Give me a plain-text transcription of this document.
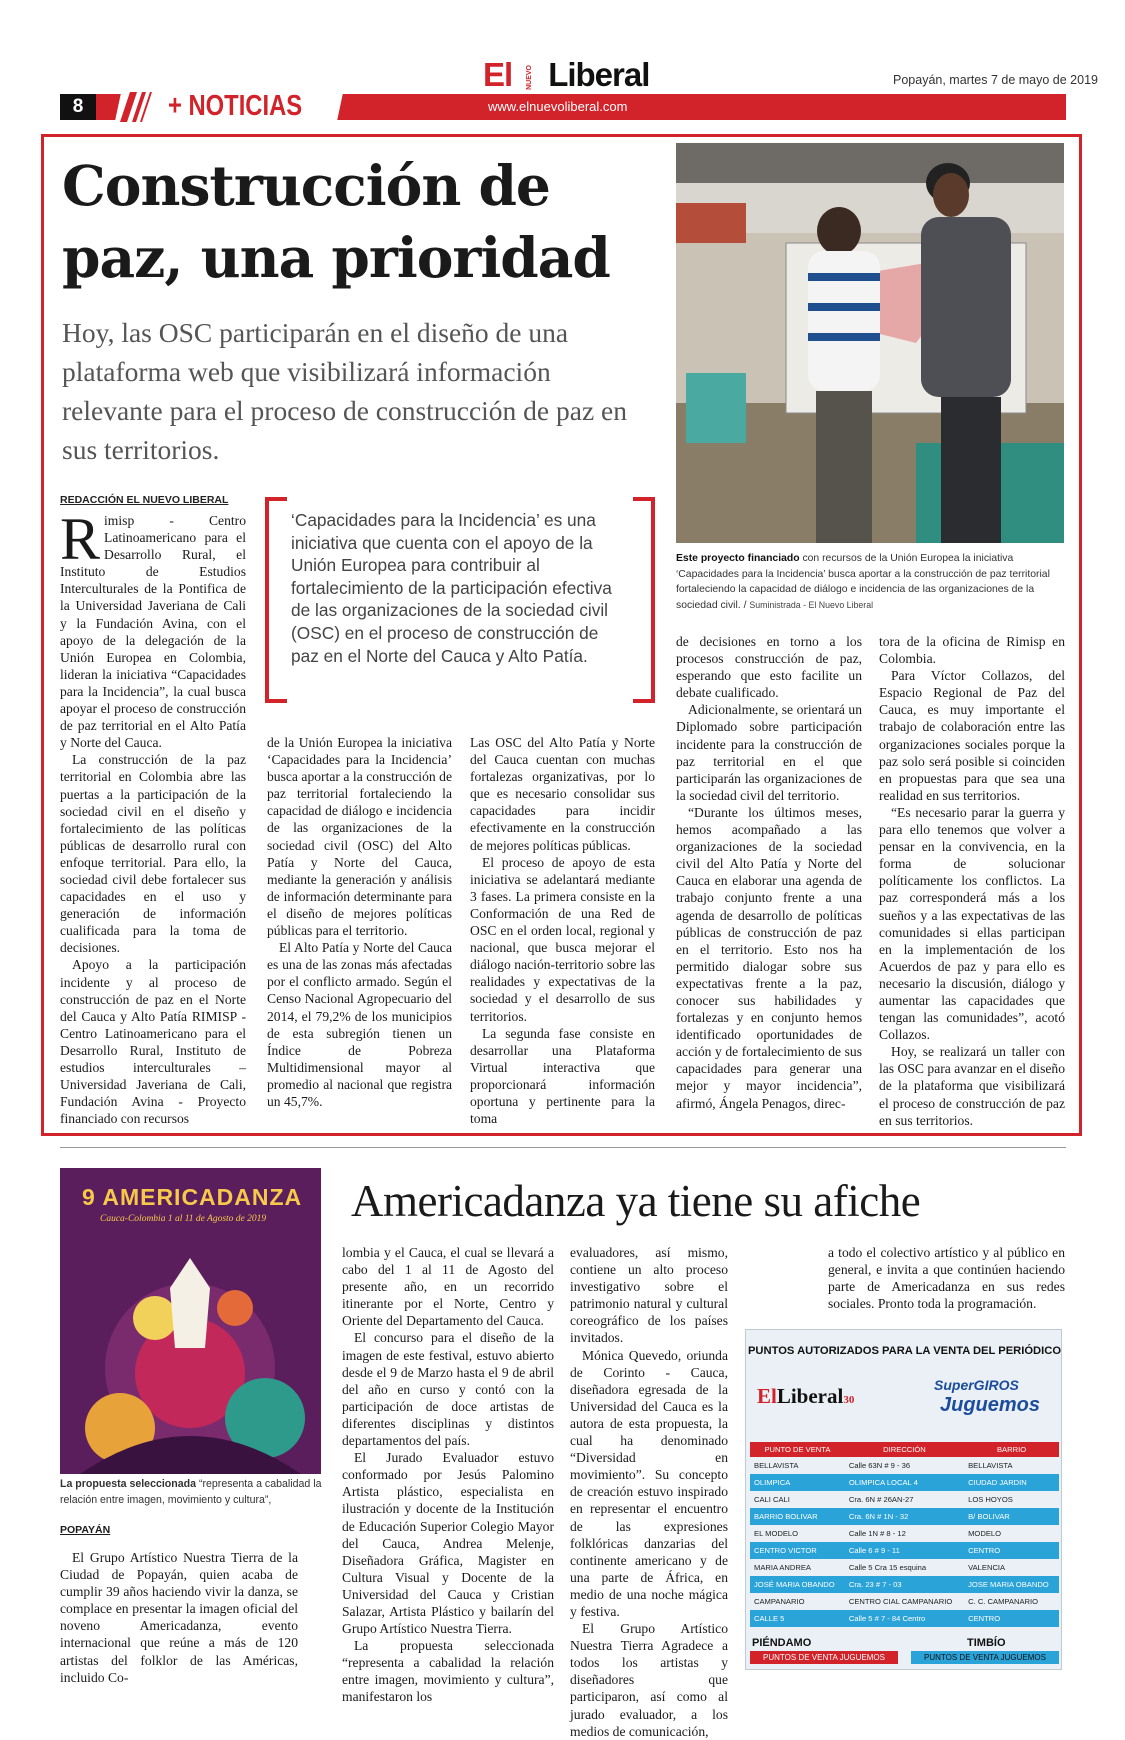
El NUEVO Liberal	Popayán, martes 7 de mayo de 2019
8	+ NOTICIAS	www.elnuevoliberal.com
Construcción de paz, una prioridad
Hoy, las OSC participarán en el diseño de una plataforma web que visibilizará información relevante para el proceso de construcción de paz en sus territorios.
REDACCIÓN EL NUEVO LIBERAL
‘Capacidades para la Incidencia’ es una iniciativa que cuenta con el apoyo de la Unión Europea para contribuir al fortalecimiento de la participación efectiva de las organizaciones de la sociedad civil (OSC) en el proceso de construcción de paz en el Norte del Cauca y Alto Patía.
Este proyecto financiado con recursos de la Unión Europea la iniciativa ‘Capacidades para la Incidencia’ busca aportar a la construcción de paz territorial fortaleciendo la capacidad de diálogo e incidencia de las organizaciones de la sociedad civil. / Suministrada - El Nuevo Liberal

Rimisp - Centro Latinoamericano para el Desarrollo Rural, el Instituto de Estudios Interculturales de la Pontifica de la Universidad Javeriana de Cali y la Fundación Avina, con el apoyo de la delegación de la Unión Europea en Colombia, lideran la iniciativa “Capacidades para la Incidencia”, la cual busca apoyar el proceso de construcción de paz territorial en el Alto Patía y Norte del Cauca.

La construcción de la paz territorial en Colombia abre las puertas a la participación de la sociedad civil en el diseño y fortalecimiento de las políticas públicas de desarrollo rural con enfoque territorial. Para ello, la sociedad civil debe fortalecer sus capacidades en el uso y generación de información cualificada para la toma de decisiones.

Apoyo a la participación incidente y al proceso de construcción de paz en el Norte del Cauca y Alto Patía RIMISP - Centro Latinoamericano para el Desarrollo Rural, Instituto de estudios interculturales – Universidad Javeriana de Cali, Fundación Avina - Proyecto financiado con recursos

de la Unión Europea la iniciativa ‘Capacidades para la Incidencia’ busca aportar a la construcción de paz territorial fortaleciendo la capacidad de diálogo e incidencia de las organizaciones de la sociedad civil (OSC) del Alto Patía y Norte del Cauca, mediante la generación y análisis de información determinante para el diseño de mejores políticas públicas para el territorio.

El Alto Patía y Norte del Cauca es una de las zonas más afectadas por el conflicto armado. Según el Censo Nacional Agropecuario del 2014, el 79,2% de los municipios de esta subregión tienen un Índice de Pobreza Multidimensional mayor al promedio al nacional que registra un 45,7%.

Las OSC del Alto Patía y Norte del Cauca cuentan con muchas fortalezas organizativas, por lo que es necesario consolidar sus capacidades para incidir efectivamente en la construcción de mejores políticas públicas.

El proceso de apoyo de esta iniciativa se adelantará mediante 3 fases. La primera consiste en la Conformación de una Red de OSC en el orden local, regional y nacional, que busca mejorar el diálogo nación-territorio sobre las realidades y expectativas de la sociedad y el desarrollo de sus territorios.

La segunda fase consiste en desarrollar una Plataforma Virtual interactiva que proporcionará información oportuna y pertinente para la toma

de decisiones en torno a los procesos construcción de paz, esperando que esto facilite un debate cualificado.

Adicionalmente, se orientará un Diplomado sobre participación incidente para la construcción de paz territorial en el que participarán las organizaciones de la sociedad civil del territorio.

“Durante los últimos meses, hemos acompañado a las organizaciones de la sociedad civil del Alto Patía y Norte del Cauca en elaborar una agenda de trabajo conjunto frente a una agenda de desarrollo de políticas públicas de construcción de paz en el territorio. Esto nos ha permitido dialogar sobre sus expectativas frente a la paz, conocer sus habilidades y fortalezas y en conjunto hemos identificado oportunidades de acción y de fortalecimiento de sus capacidades para generar una mejor y mayor incidencia”, afirmó, Ángela Penagos, direc-

tora de la oficina de Rimisp en Colombia.

Para Víctor Collazos, del Espacio Regional de Paz del Cauca, es muy importante el trabajo de colaboración entre las organizaciones sociales porque la paz solo será posible si coinciden en propuestas para que sea una realidad en sus territorios.

“Es necesario parar la guerra y para ello tenemos que volver a pensar en la convivencia, en la forma de solucionar políticamente los conflictos. La paz corresponderá más a los sueños y a las expectativas de las comunidades si ellas participan en la implementación de los Acuerdos de paz y para ello es necesario la discusión, diálogo y aumentar las capacidades que tengan las comunidades”, acotó Collazos.

Hoy, se realizará un taller con las OSC para avanzar en el diseño de la plataforma que visibilizará el proceso de construcción de paz en sus territorios.

9 AMERICADANZA
Cauca-Colombia 1 al 11 de Agosto de 2019
La propuesta seleccionada “representa a cabalidad la relación entre imagen, movimiento y cultura”,
Americadanza ya tiene su afiche
POPAYÁN

El Grupo Artístico Nuestra Tierra de la Ciudad de Popayán, quien acaba de cumplir 39 años haciendo vivir la danza, se complace en presentar la imagen oficial del noveno Americadanza, evento internacional que reúne a más de 120 artistas del folklor de las Américas, incluido Co-

lombia y el Cauca, el cual se llevará a cabo del 1 al 11 de Agosto del presente año, en un recorrido itinerante por el Norte, Centro y Oriente del Departamento del Cauca.

El concurso para el diseño de la imagen de este festival, estuvo abierto desde el 9 de Marzo hasta el 9 de abril del año en curso y contó con la participación de doce artistas de diferentes disciplinas y distintos departamentos del país.

El Jurado Evaluador estuvo conformado por Jesús Palomino Artista plástico, especialista en ilustración y docente de la Institución de Educación Superior Colegio Mayor del Cauca, Andrea Melenje, Diseñadora Gráfica, Magister en Cultura Visual y Docente de la Universidad del Cauca y Cristian Salazar, Artista Plástico y bailarín del Grupo Artístico Nuestra Tierra.

La propuesta seleccionada “representa a cabalidad la relación entre imagen, movimiento y cultura”, manifestaron los

evaluadores, así mismo, contiene un alto proceso investigativo sobre el patrimonio natural y cultural coreográfico de los países invitados.

Mónica Quevedo, oriunda de Corinto - Cauca, diseñadora egresada de la Universidad del Cauca es la autora de esta propuesta, la cual ha denominado “Diversidad en movimiento”. Su concepto de creación estuvo inspirado en representar el encuentro de las expresiones folklóricas danzarias del continente americano y de una parte de África, en medio de una noche mágica y festiva.

El Grupo Artístico Nuestra Tierra Agradece a todos los artistas y diseñadores que participaron, así como al jurado evaluador, a los medios de comunicación,

a todo el colectivo artístico y al público en general, e invita a que continúen haciendo parte de Americadanza en sus redes sociales. Pronto toda la programación.

PUNTOS AUTORIZADOS PARA LA VENTA DEL PERIÓDICO
ElLiberal30
SuperGIROS
Juguemos
PUNTO DE VENTA	DIRECCIÓN	BARRIO
BELLAVISTA	Calle 63N # 9 - 36	BELLAVISTA
OLIMPICA	OLIMPICA LOCAL 4	CIUDAD JARDIN
CALI CALI	Cra. 6N # 26AN-27	LOS HOYOS
BARRIO BOLIVAR	Cra. 6N # 1N - 32	B/ BOLIVAR
EL MODELO	Calle 1N # 8 - 12	MODELO
CENTRO VICTOR	Calle 6 # 9 - 11	CENTRO
MARIA ANDREA	Calle 5 Cra 15 esquina	VALENCIA
JOSÉ MARIA OBANDO	Cra. 23 # 7 - 03	JOSE MARIA OBANDO
CAMPANARIO	CENTRO CIAL CAMPANARIO	C. C. CAMPANARIO
CALLE 5	Calle 5 # 7 - 84 Centro	CENTRO
PIÉNDAMO	TIMBÍO
PUNTOS DE VENTA JUGUEMOS	PUNTOS DE VENTA JUGUEMOS
